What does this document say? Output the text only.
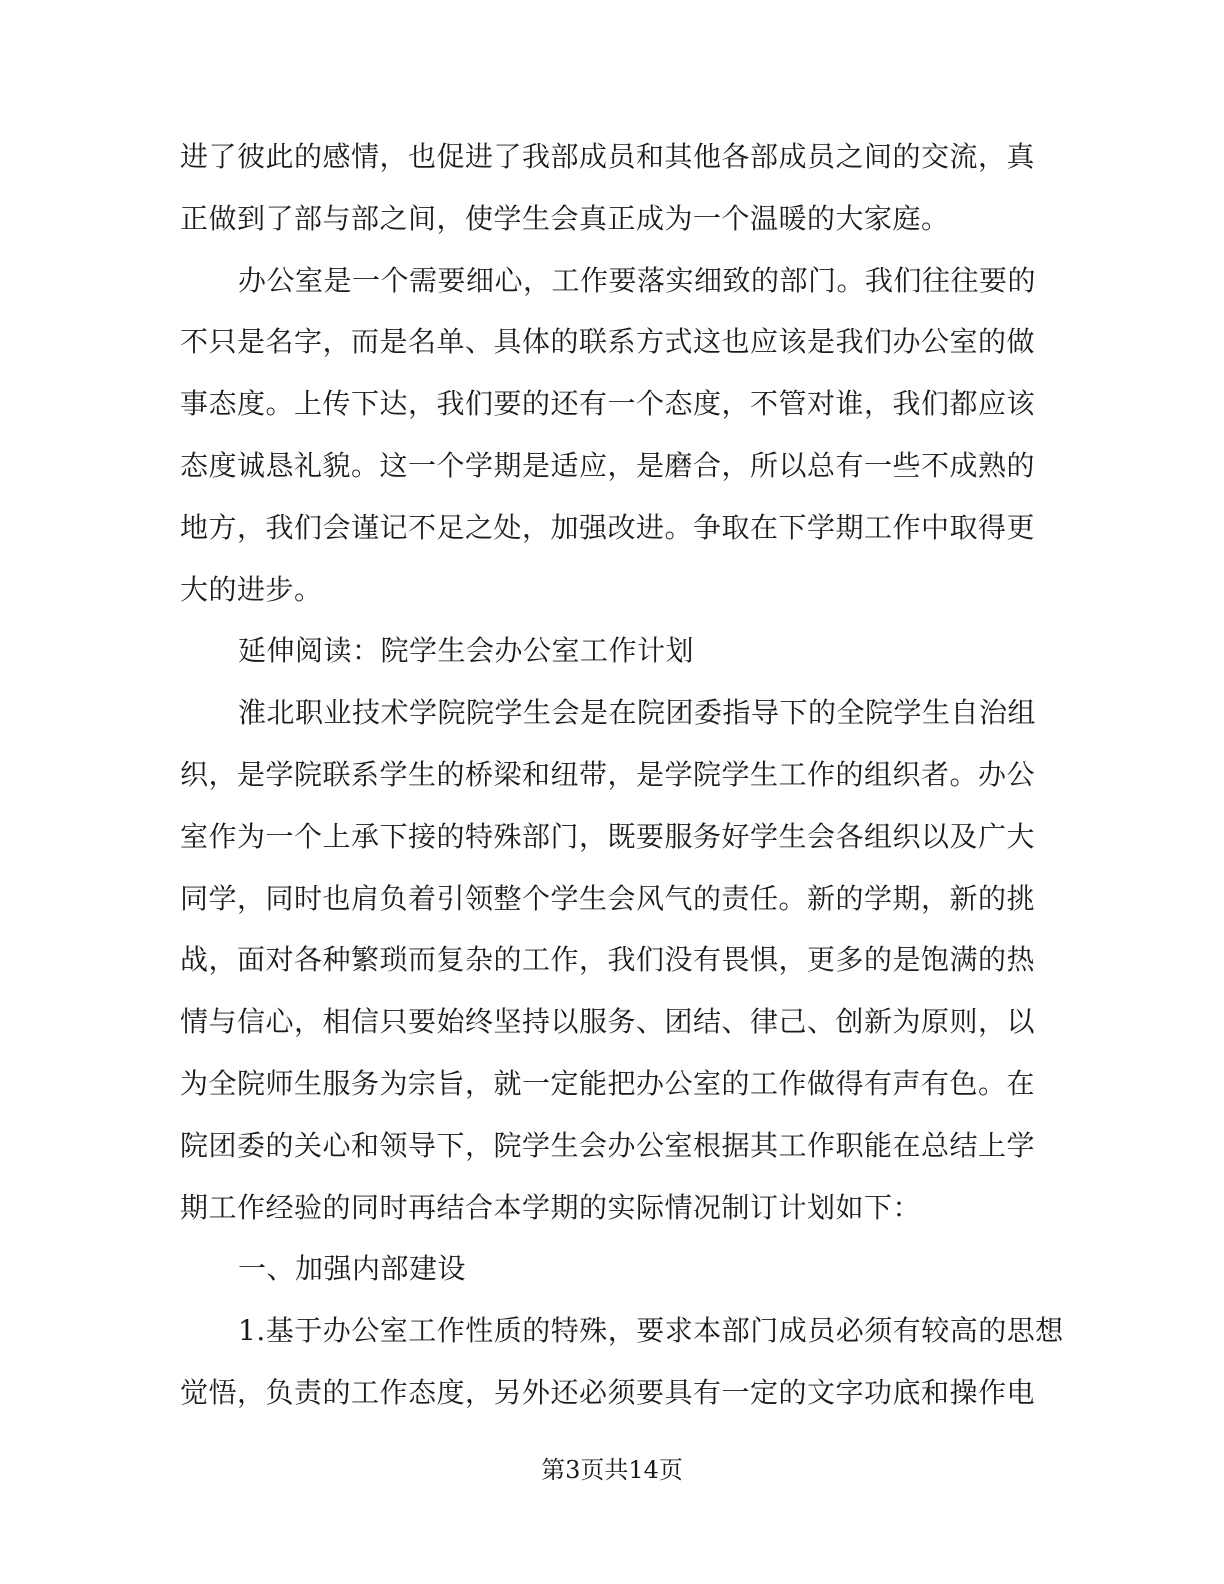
进了彼此的感情，也促进了我部成员和其他各部成员之间的交流，真
正做到了部与部之间，使学生会真正成为一个温暖的大家庭。
办公室是一个需要细心，工作要落实细致的部门。我们往往要的
不只是名字，而是名单、具体的联系方式这也应该是我们办公室的做
事态度。上传下达，我们要的还有一个态度，不管对谁，我们都应该
态度诚恳礼貌。这一个学期是适应，是磨合，所以总有一些不成熟的
地方，我们会谨记不足之处，加强改进。争取在下学期工作中取得更
大的进步。
延伸阅读：院学生会办公室工作计划
淮北职业技术学院院学生会是在院团委指导下的全院学生自治组
织，是学院联系学生的桥梁和纽带，是学院学生工作的组织者。办公
室作为一个上承下接的特殊部门，既要服务好学生会各组织以及广大
同学，同时也肩负着引领整个学生会风气的责任。新的学期，新的挑
战，面对各种繁琐而复杂的工作，我们没有畏惧，更多的是饱满的热
情与信心，相信只要始终坚持以服务、团结、律己、创新为原则，以
为全院师生服务为宗旨，就一定能把办公室的工作做得有声有色。在
院团委的关心和领导下，院学生会办公室根据其工作职能在总结上学
期工作经验的同时再结合本学期的实际情况制订计划如下：
一、加强内部建设
1.基于办公室工作性质的特殊，要求本部门成员必须有较高的思想
觉悟，负责的工作态度，另外还必须要具有一定的文字功底和操作电
第3页共14页
